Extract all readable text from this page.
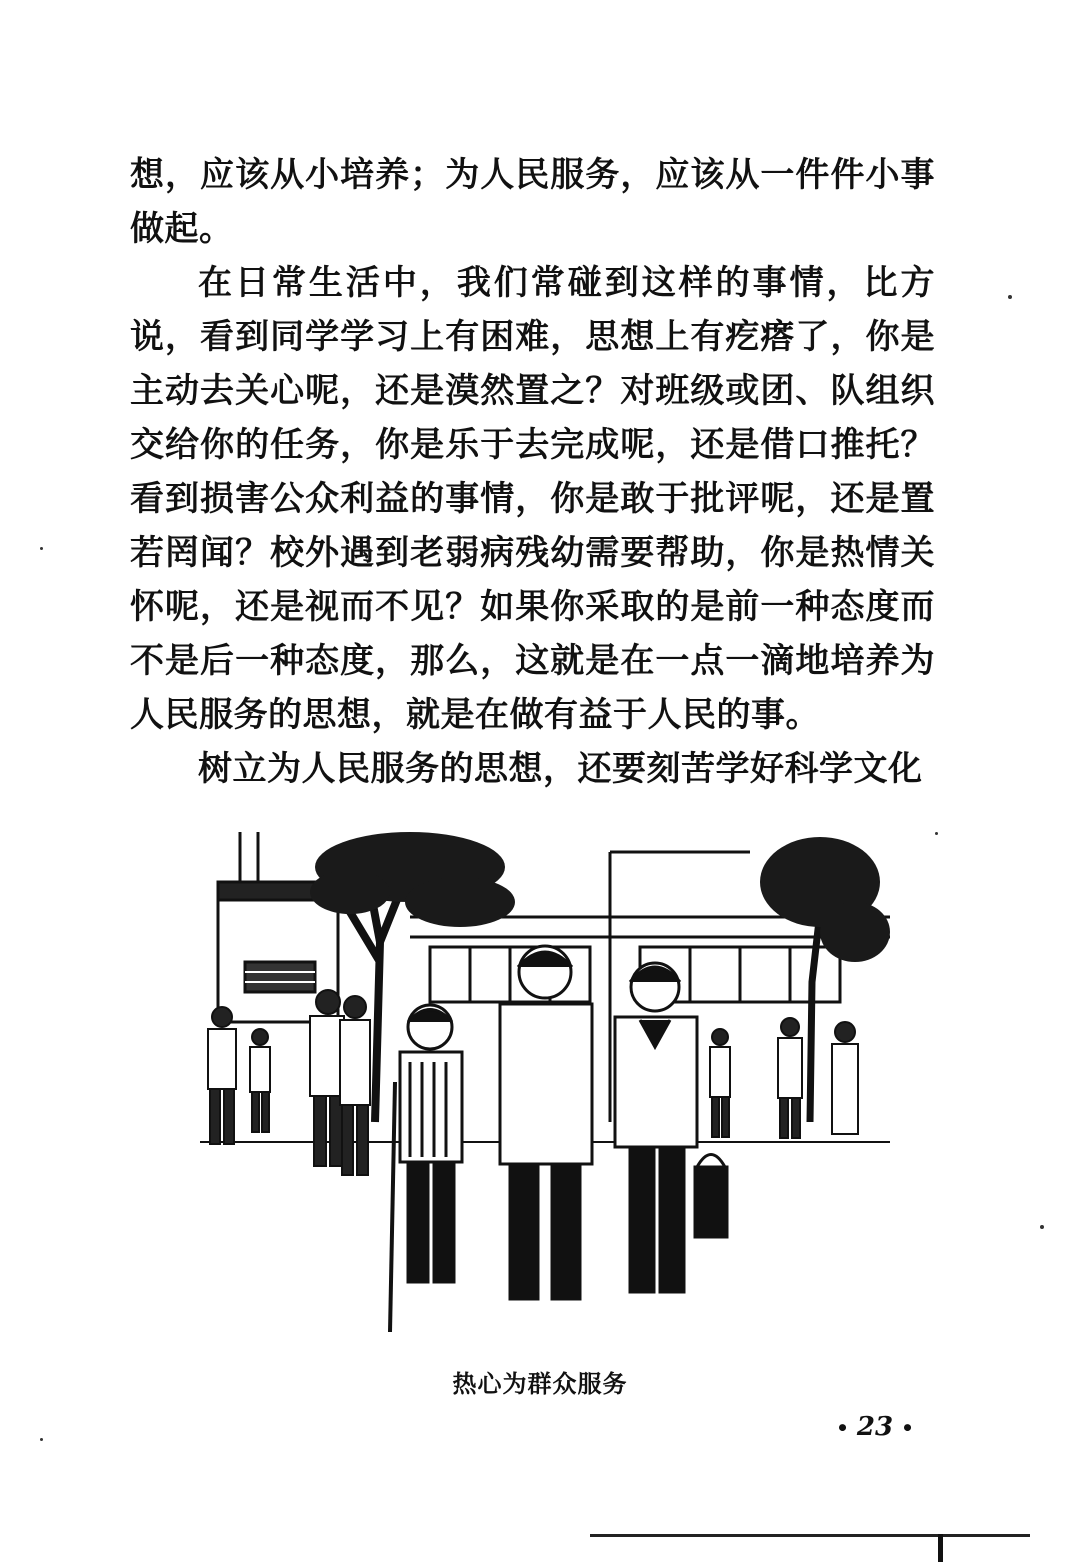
想，应该从小培养；为人民服务，应该从一件件小事做起。

在日常生活中，我们常碰到这样的事情，比方说，看到同学学习上有困难，思想上有疙瘩了，你是主动去关心呢，还是漠然置之？对班级或团、队组织交给你的任务，你是乐于去完成呢，还是借口推托？看到损害公众利益的事情，你是敢于批评呢，还是置若罔闻？校外遇到老弱病残幼需要帮助，你是热情关怀呢，还是视而不见？如果你采取的是前一种态度而不是后一种态度，那么，这就是在一点一滴地培养为人民服务的思想，就是在做有益于人民的事。

树立为人民服务的思想，还要刻苦学好科学文化

热心为群众服务
• 23 •
